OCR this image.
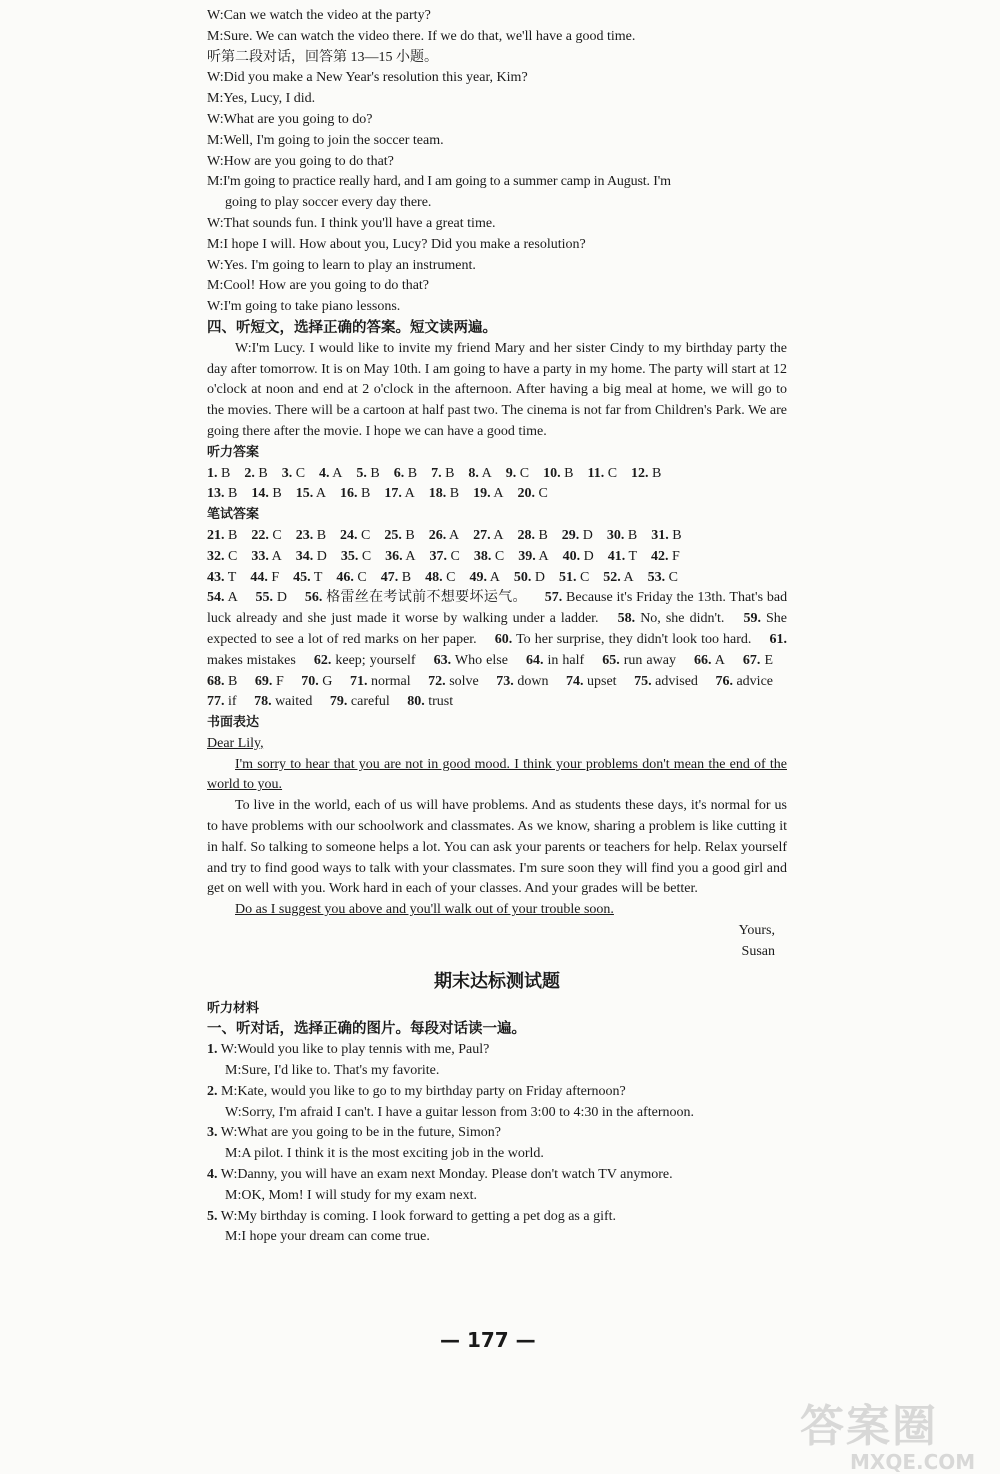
W:Can we watch the video at the party?
M:Sure. We can watch the video there. If we do that, we'll have a good time.
听第二段对话，回答第 13—15 小题。
W:Did you make a New Year's resolution this year, Kim?
M:Yes, Lucy, I did.
W:What are you going to do?
M:Well, I'm going to join the soccer team.
W:How are you going to do that?
M:I'm going to practice really hard, and I am going to a summer camp in August. I'm
going to play soccer every day there.
W:That sounds fun. I think you'll have a great time.
M:I hope I will. How about you, Lucy? Did you make a resolution?
W:Yes. I'm going to learn to play an instrument.
M:Cool! How are you going to do that?
W:I'm going to take piano lessons.
四、听短文，选择正确的答案。短文读两遍。

W:I'm Lucy. I would like to invite my friend Mary and her sister Cindy to my birthday party the day after tomorrow. It is on May 10th. I am going to have a party in my home. The party will start at 12 o'clock at noon and end at 2 o'clock in the afternoon. After having a big meal at home, we will go to the movies. There will be a cartoon at half past two. The cinema is not far from Children's Park. We are going there after the movie. I hope we can have a good time.

听力答案
1. B 2. B 3. C 4. A 5. B 6. B 7. B 8. A 9. C 10. B 11. C 12. B
13. B 14. B 15. A 16. B 17. A 18. B 19. A 20. C
笔试答案
21. B 22. C 23. B 24. C 25. B 26. A 27. A 28. B 29. D 30. B 31. B
32. C 33. A 34. D 35. C 36. A 37. C 38. C 39. A 40. D 41. T 42. F
43. T 44. F 45. T 46. C 47. B 48. C 49. A 50. D 51. C 52. A 53. C
54. A  55. D  56. 格雷丝在考试前不想要坏运气。  57. Because it's Friday the 13th. That's bad luck already and she just made it worse by walking under a ladder.  58. No, she didn't.  59. She expected to see a lot of red marks on her paper.  60. To her surprise, they didn't look too hard.  61. makes mistakes  62. keep; yourself  63. Who else  64. in half  65. run away  66. A  67. E  68. B  69. F  70. G  71. normal  72. solve  73. down  74. upset  75. advised  76. advice  77. if  78. waited  79. careful  80. trust 
书面表达
Dear Lily,

I'm sorry to hear that you are not in good mood. I think your problems don't mean the end of the world to you.

To live in the world, each of us will have problems. And as students these days, it's normal for us to have problems with our schoolwork and classmates. As we know, sharing a problem is like cutting it in half. So talking to someone helps a lot. You can ask your parents or teachers for help. Relax yourself and try to find good ways to talk with your classmates. I'm sure soon they will find you a good girl and get on well with you. Work hard in each of your classes. And your grades will be better.

Do as I suggest you above and you'll walk out of your trouble soon.

Yours,
Susan
期末达标测试题
听力材料
一、听对话，选择正确的图片。每段对话读一遍。
1. W:Would you like to play tennis with me, Paul?
M:Sure, I'd like to. That's my favorite.
2. M:Kate, would you like to go to my birthday party on Friday afternoon?
W:Sorry, I'm afraid I can't. I have a guitar lesson from 3:00 to 4:30 in the afternoon.
3. W:What are you going to be in the future, Simon?
M:A pilot. I think it is the most exciting job in the world.
4. W:Danny, you will have an exam next Monday. Please don't watch TV anymore.
M:OK, Mom! I will study for my exam next.
5. W:My birthday is coming. I look forward to getting a pet dog as a gift.
M:I hope your dream can come true.
— 177 —
答案圈
MXQE.COM
